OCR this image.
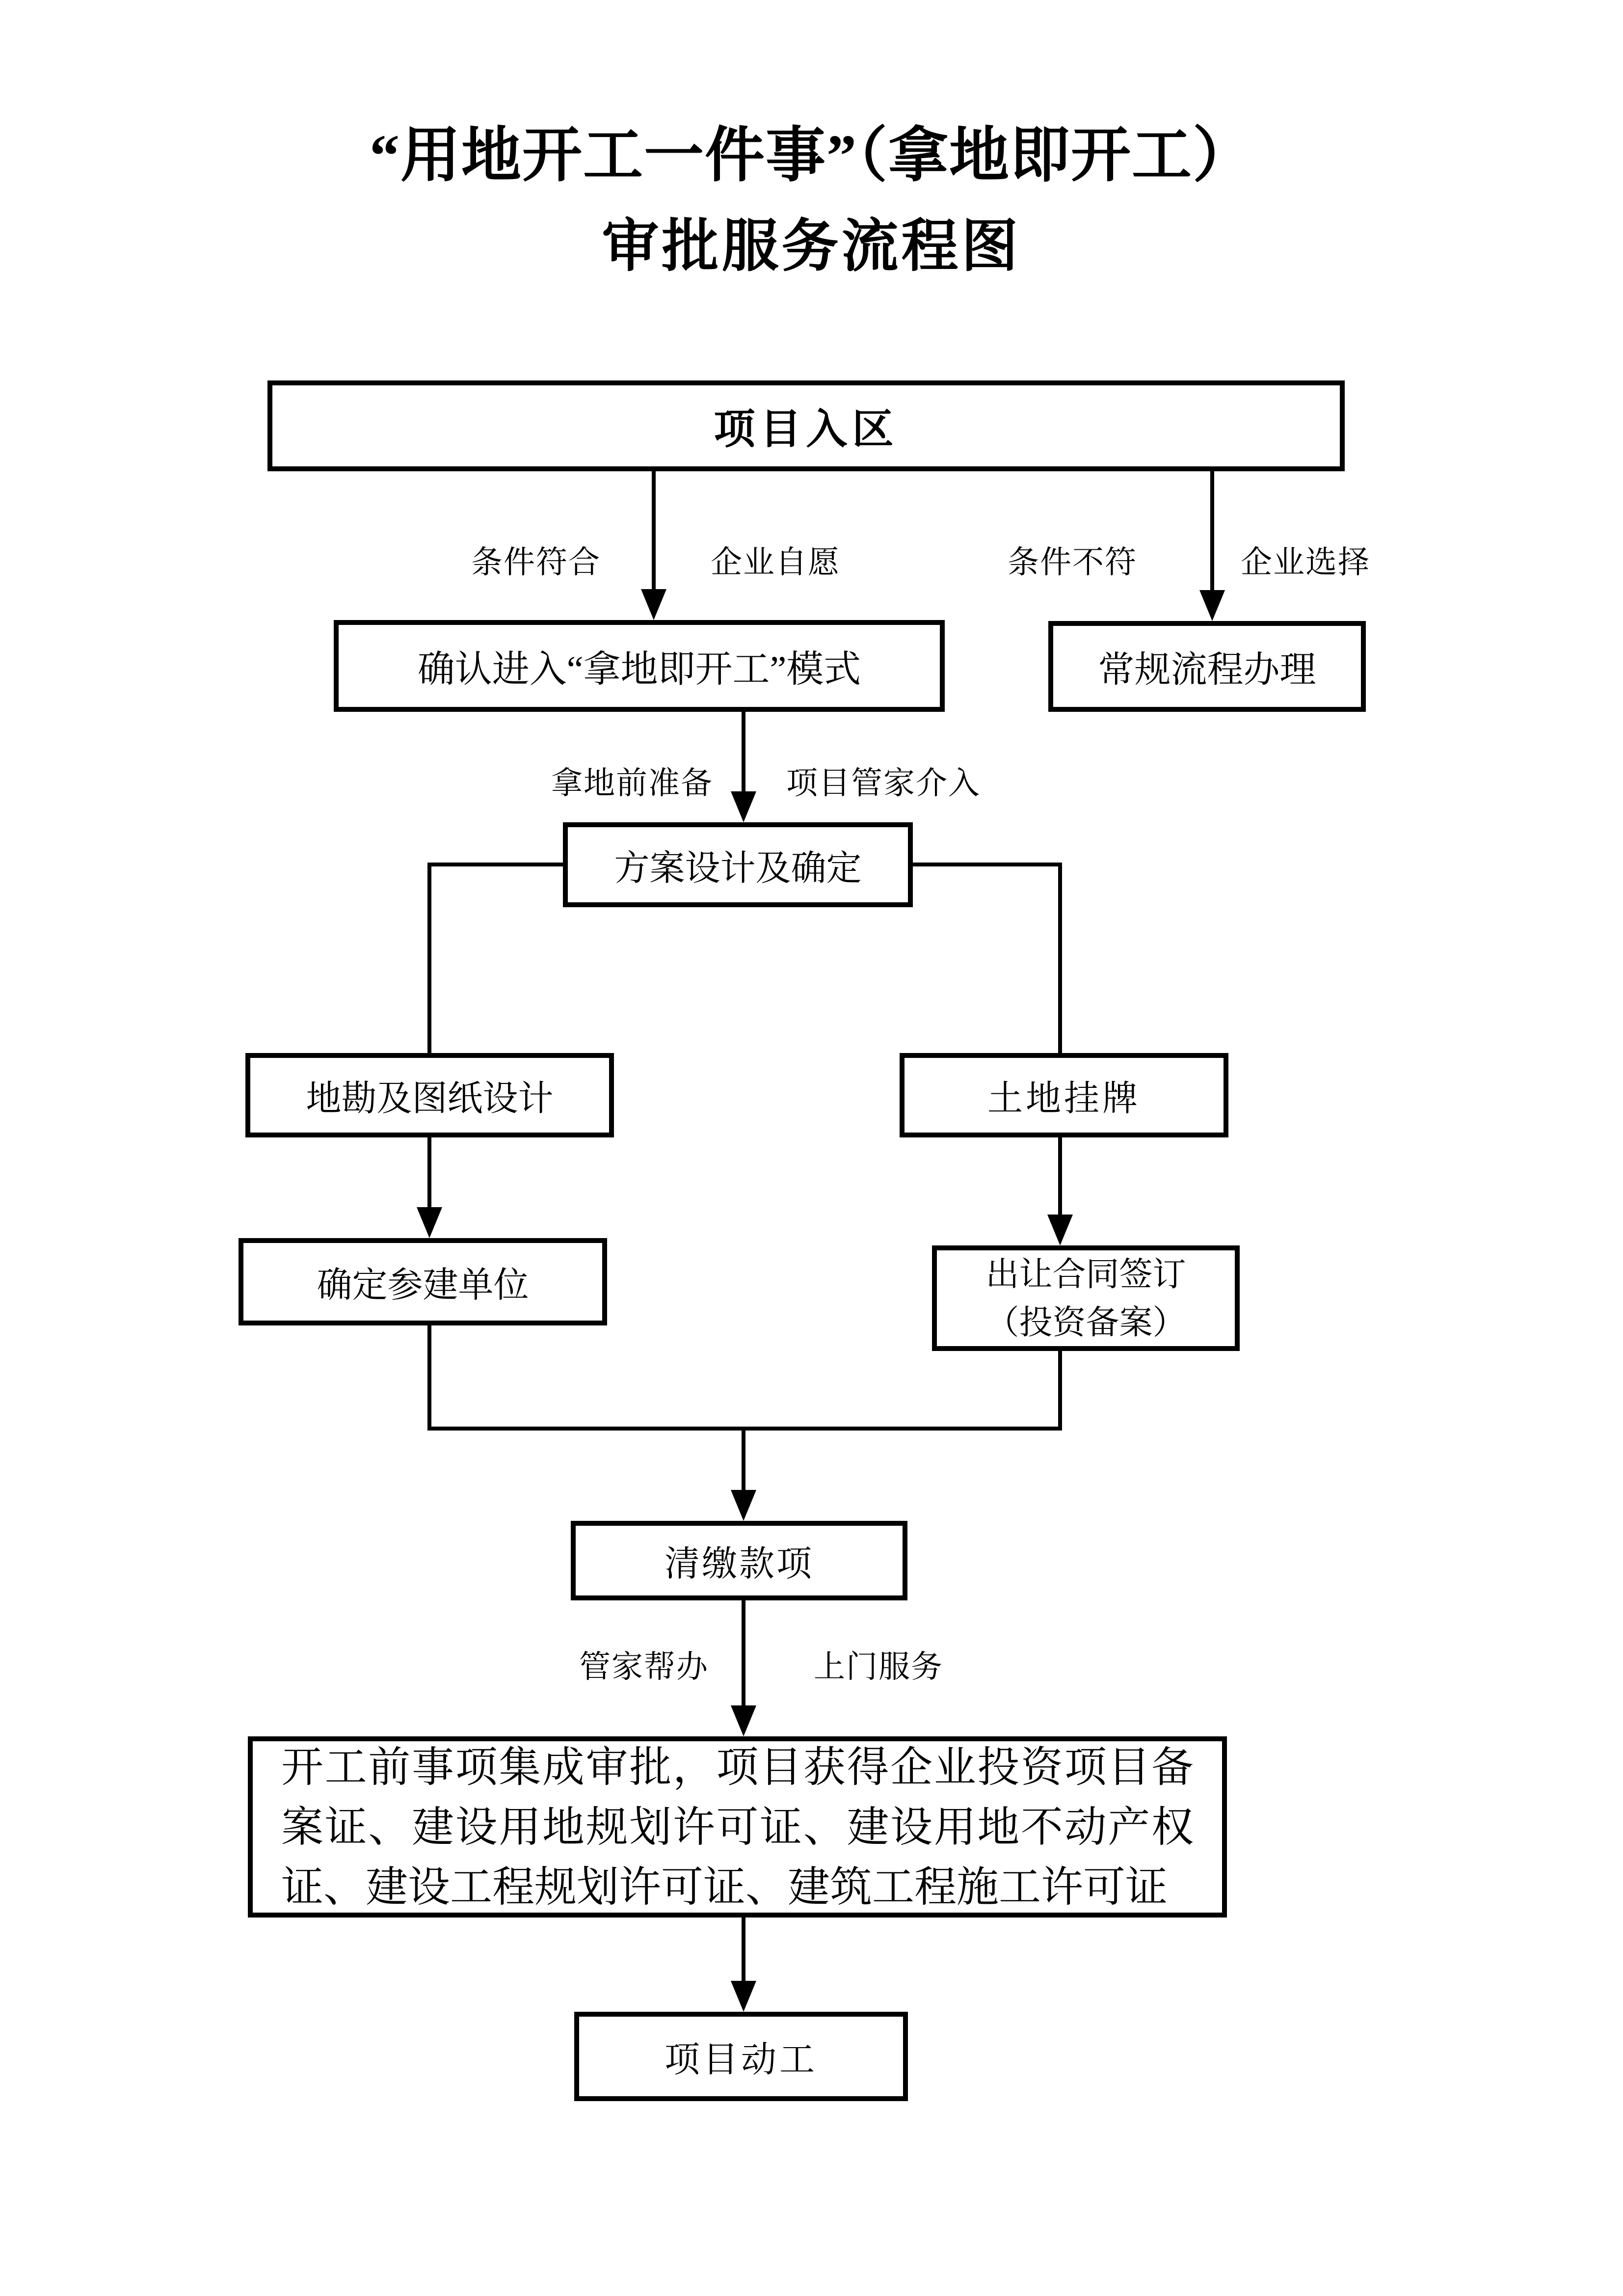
“用地开工一件事”（拿地即开工）
审批服务流程图
项目入区
条件符合	企业自愿	条件不符	企业选择
确认进入“拿地即开工”模式	常规流程办理
拿地前准备 项目管家介入
方案设计及确定
地勘及图纸设计	土地挂牌
确定参建单位	出让合同签订
（投资备案）
清缴款项
管家帮办	上门服务
开工前事项集成审批，项目获得企业投资项目备案证、建设用地规划许可证、建设用地不动产权证、建设工程规划许可证、建筑工程施工许可证
项目动工
